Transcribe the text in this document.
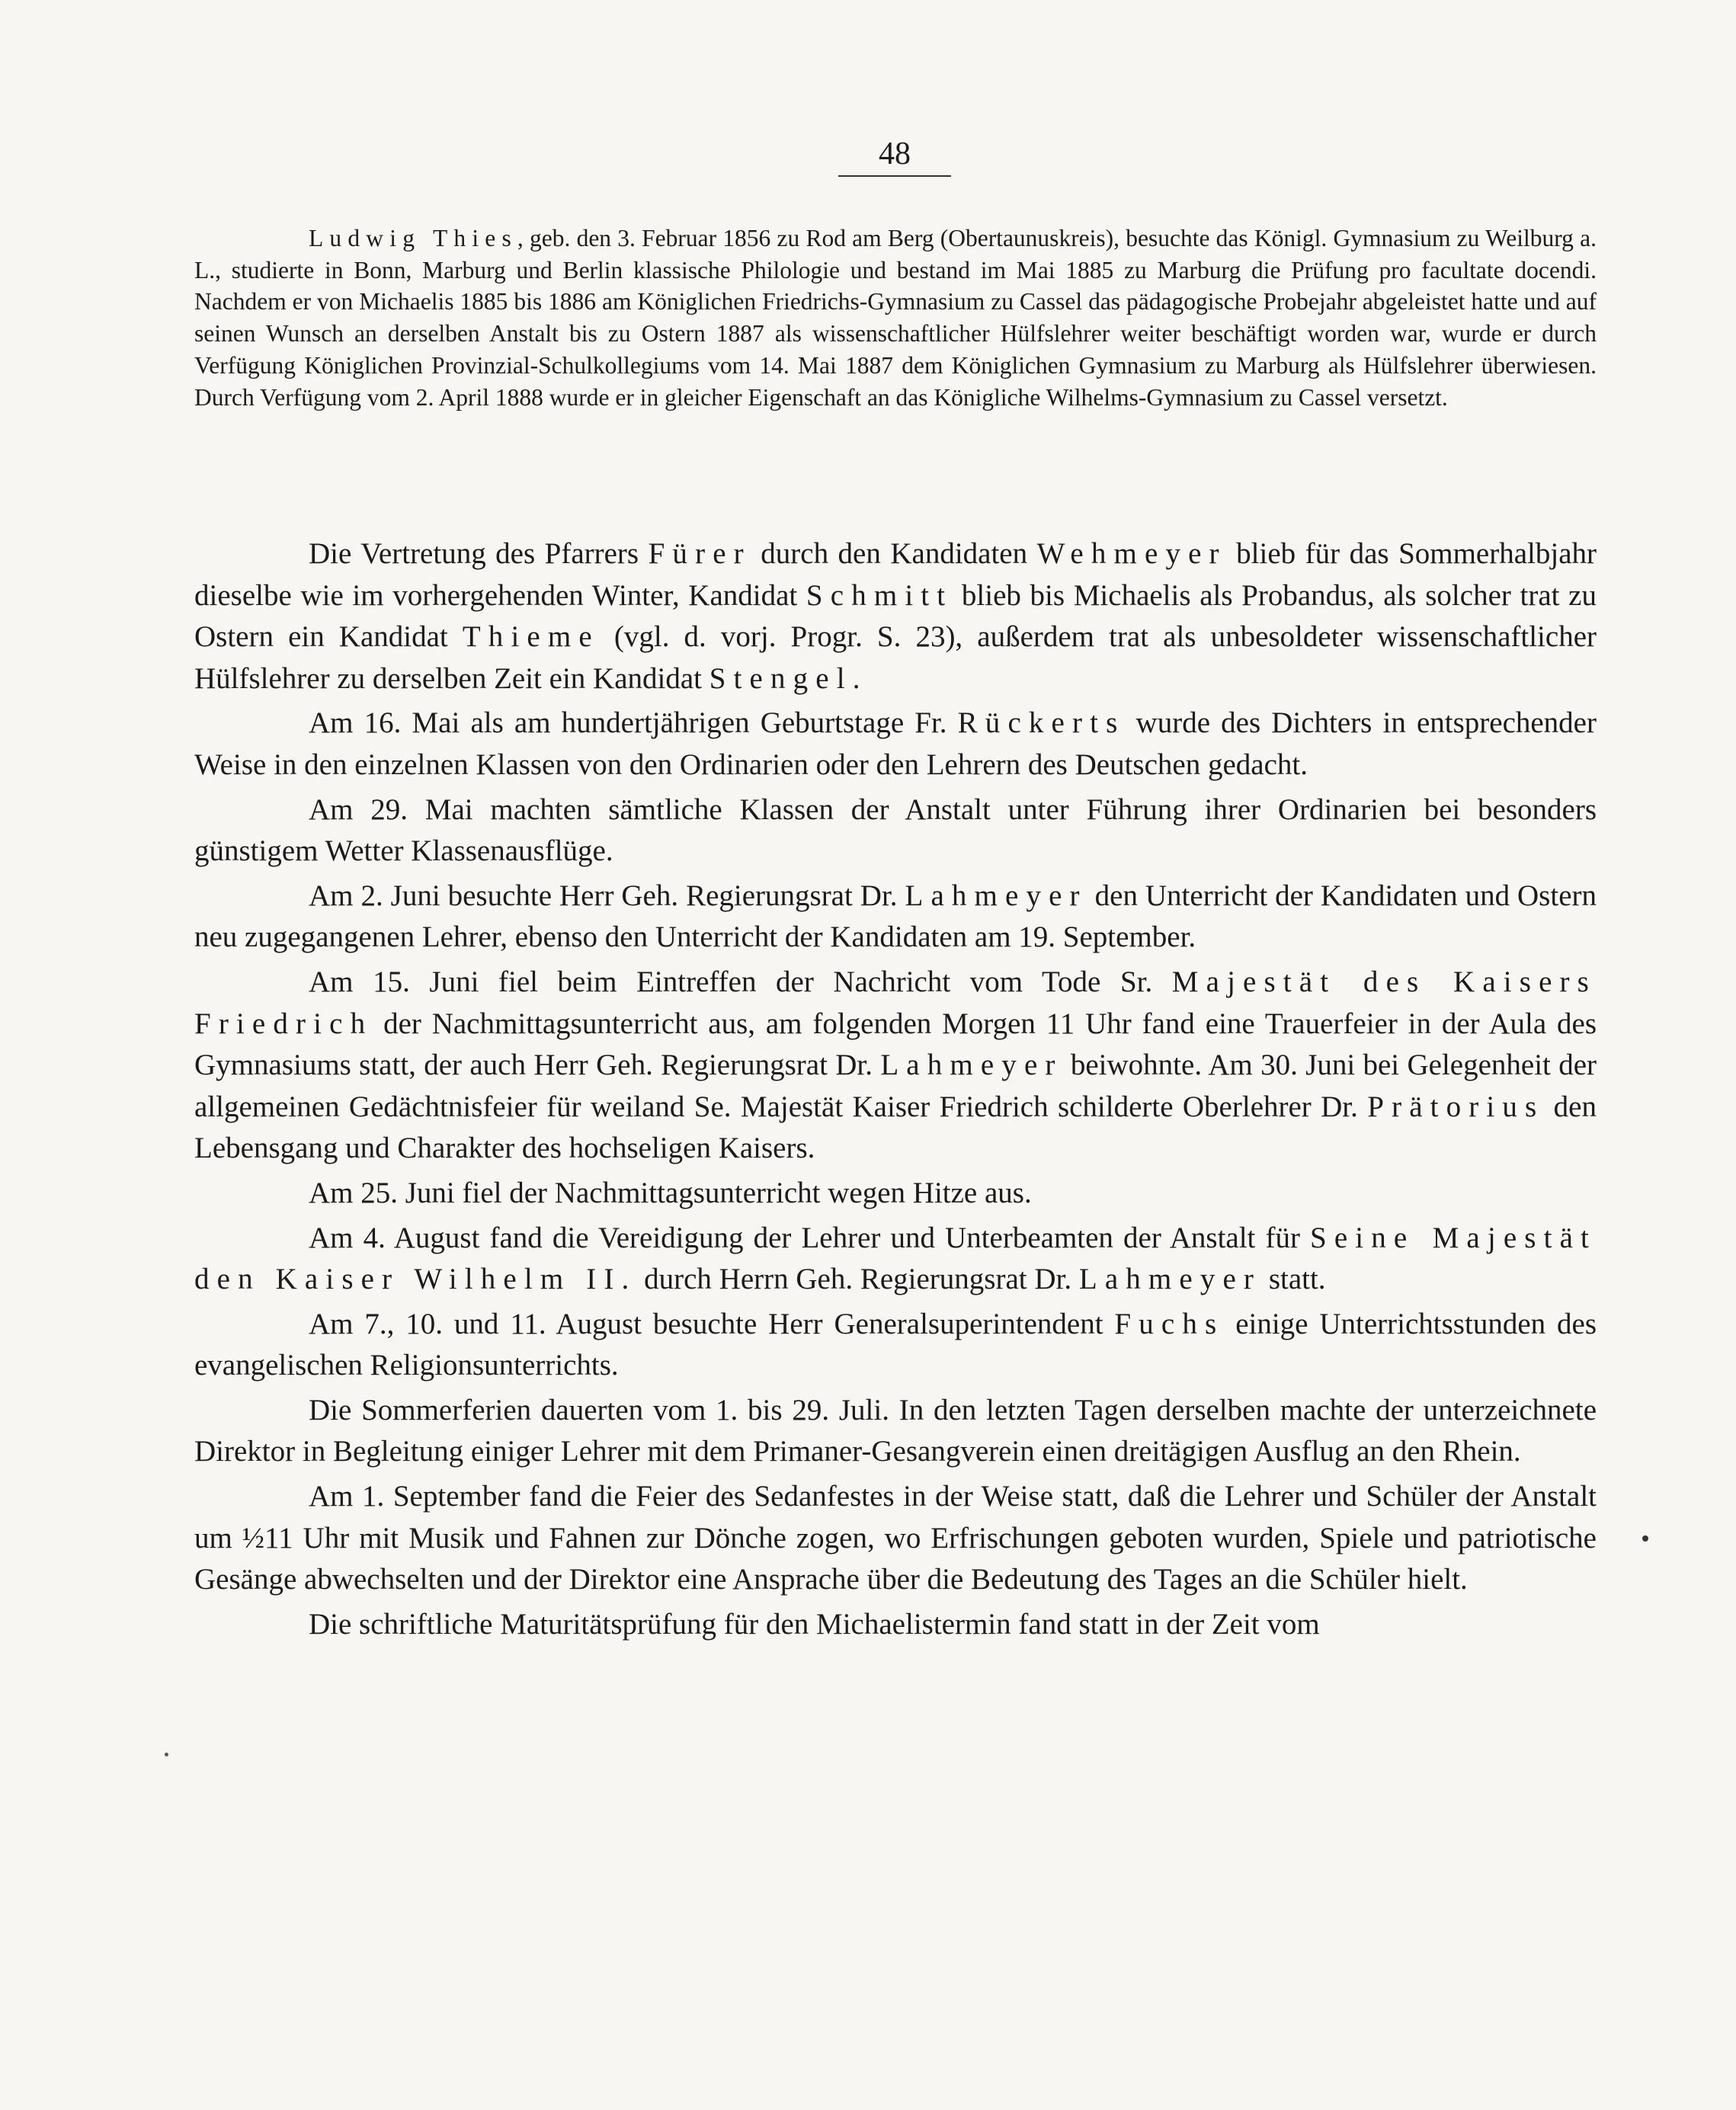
48

Ludwig Thies, geb. den 3. Februar 1856 zu Rod am Berg (Obertaunuskreis), besuchte das Königl. Gymnasium zu Weilburg a. L., studierte in Bonn, Marburg und Berlin klassische Philologie und bestand im Mai 1885 zu Marburg die Prüfung pro facultate docendi. Nachdem er von Michaelis 1885 bis 1886 am Königlichen Friedrichs-Gymnasium zu Cassel das pädagogische Probejahr abgeleistet hatte und auf seinen Wunsch an derselben Anstalt bis zu Ostern 1887 als wissenschaftlicher Hülfslehrer weiter beschäftigt worden war, wurde er durch Verfügung Königlichen Provinzial-Schulkollegiums vom 14. Mai 1887 dem Königlichen Gymnasium zu Marburg als Hülfslehrer überwiesen. Durch Verfügung vom 2. April 1888 wurde er in gleicher Eigenschaft an das Königliche Wilhelms-Gymnasium zu Cassel versetzt.

Die Vertretung des Pfarrers Fürer durch den Kandidaten Wehmeyer blieb für das Sommerhalbjahr dieselbe wie im vorhergehenden Winter, Kandidat Schmitt blieb bis Michaelis als Probandus, als solcher trat zu Ostern ein Kandidat Thieme (vgl. d. vorj. Progr. S. 23), außerdem trat als unbesoldeter wissenschaftlicher Hülfslehrer zu derselben Zeit ein Kandidat Stengel.

Am 16. Mai als am hundertjährigen Geburtstage Fr. Rückerts wurde des Dichters in entsprechender Weise in den einzelnen Klassen von den Ordinarien oder den Lehrern des Deutschen gedacht.

Am 29. Mai machten sämtliche Klassen der Anstalt unter Führung ihrer Ordinarien bei besonders günstigem Wetter Klassenausflüge.

Am 2. Juni besuchte Herr Geh. Regierungsrat Dr. Lahmeyer den Unterricht der Kandidaten und Ostern neu zugegangenen Lehrer, ebenso den Unterricht der Kandidaten am 19. September.

Am 15. Juni fiel beim Eintreffen der Nachricht vom Tode Sr. Majestät des Kaisers Friedrich der Nachmittagsunterricht aus, am folgenden Morgen 11 Uhr fand eine Trauerfeier in der Aula des Gymnasiums statt, der auch Herr Geh. Regierungsrat Dr. Lahmeyer beiwohnte. Am 30. Juni bei Gelegenheit der allgemeinen Gedächtnisfeier für weiland Se. Majestät Kaiser Friedrich schilderte Oberlehrer Dr. Prätorius den Lebensgang und Charakter des hochseligen Kaisers.

Am 25. Juni fiel der Nachmittagsunterricht wegen Hitze aus.

Am 4. August fand die Vereidigung der Lehrer und Unterbeamten der Anstalt für Seine Majestät den Kaiser Wilhelm II. durch Herrn Geh. Regierungsrat Dr. Lahmeyer statt.

Am 7., 10. und 11. August besuchte Herr Generalsuperintendent Fuchs einige Unterrichtsstunden des evangelischen Religionsunterrichts.

Die Sommerferien dauerten vom 1. bis 29. Juli. In den letzten Tagen derselben machte der unterzeichnete Direktor in Begleitung einiger Lehrer mit dem Primaner-Gesangverein einen dreitägigen Ausflug an den Rhein.

Am 1. September fand die Feier des Sedanfestes in der Weise statt, daß die Lehrer und Schüler der Anstalt um ½11 Uhr mit Musik und Fahnen zur Dönche zogen, wo Erfrischungen geboten wurden, Spiele und patriotische Gesänge abwechselten und der Direktor eine Ansprache über die Bedeutung des Tages an die Schüler hielt.

Die schriftliche Maturitätsprüfung für den Michaelistermin fand statt in der Zeit vom
